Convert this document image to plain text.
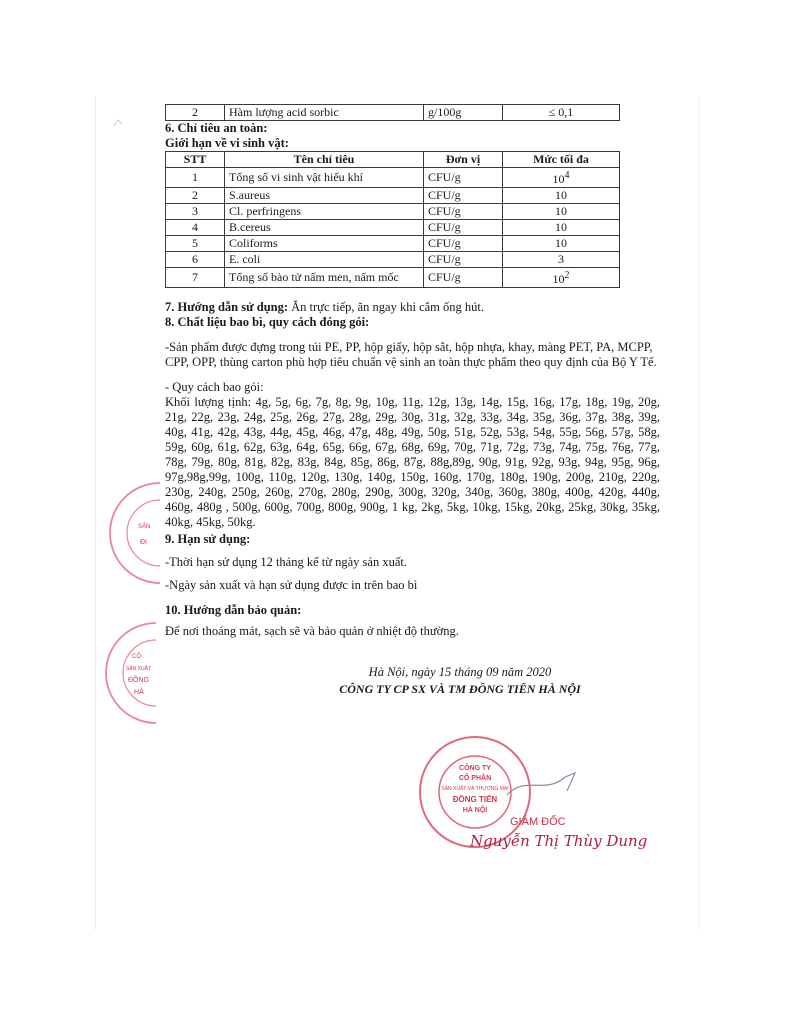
2	Hàm lượng acid sorbic	g/100g	≤ 0,1

6. Chỉ tiêu an toàn:

Giới hạn về vi sinh vật:

STT	Tên chỉ tiêu	Đơn vị	Mức tối đa
1	Tổng số vi sinh vật hiếu khí	CFU/g	$10^4$
2	S.aureus	CFU/g	10
3	Cl. perfringens	CFU/g	10
4	B.cereus	CFU/g	10
5	Coliforms	CFU/g	10
6	E. coli	CFU/g	3
7	Tổng số bào tử nấm men, nấm mốc	CFU/g	$10^2$

7. Hướng dẫn sử dụng: Ăn trực tiếp, ăn ngay khi cắm ống hút.

8. Chất liệu bao bì, quy cách đóng gói:

-Sản phẩm được đựng trong túi PE, PP, hộp giấy, hộp sắt, hộp nhựa, khay, màng PET, PA, MCPP, CPP, OPP, thùng carton phù hợp tiêu chuẩn vệ sinh an toàn thực phẩm theo quy định của Bộ Y Tế.

- Quy cách bao gói:

Khối lượng tịnh: 4g, 5g, 6g, 7g, 8g, 9g, 10g, 11g, 12g, 13g, 14g, 15g, 16g, 17g, 18g, 19g, 20g, 21g, 22g, 23g, 24g, 25g, 26g, 27g, 28g, 29g, 30g, 31g, 32g, 33g, 34g, 35g, 36g, 37g, 38g, 39g, 40g, 41g, 42g, 43g, 44g, 45g, 46g, 47g, 48g, 49g, 50g, 51g, 52g, 53g, 54g, 55g, 56g, 57g, 58g, 59g, 60g, 61g, 62g, 63g, 64g, 65g, 66g, 67g, 68g, 69g, 70g, 71g, 72g, 73g, 74g, 75g, 76g, 77g, 78g, 79g, 80g, 81g, 82g, 83g, 84g, 85g, 86g, 87g, 88g,89g, 90g, 91g, 92g, 93g, 94g, 95g, 96g, 97g,98g,99g, 100g, 110g, 120g, 130g, 140g, 150g, 160g, 170g, 180g, 190g, 200g, 210g, 220g, 230g, 240g, 250g, 260g, 270g, 280g, 290g, 300g, 320g, 340g, 360g, 380g, 400g, 420g, 440g, 460g, 480g , 500g, 600g, 700g, 800g, 900g, 1 kg, 2kg, 5kg, 10kg, 15kg, 20kg, 25kg, 30kg, 35kg, 40kg, 45kg, 50kg.

9. Hạn sử dụng:

-Thời hạn sử dụng 12 tháng kể từ ngày sản xuất.

-Ngày sản xuất và hạn sử dụng được in trên bao bì

10. Hướng dẫn bảo quản:

Để nơi thoáng mát, sạch sẽ và bảo quản ở nhiệt độ thường.

Hà Nội, ngày 15 tháng 09 năm 2020

CÔNG TY CP SX VÀ TM ĐỒNG TIẾN HÀ NỘI

CÔNG TY
CỔ PHẦN
SẢN XUẤT VÀ THƯƠNG MẠI
ĐỒNG TIẾN
HÀ NỘI
GIÁM ĐỐC
Nguyễn Thị Thùy Dung
SẢN
ĐI
CÔ
SẢN XUẤT
ĐỒNG
HÀ
